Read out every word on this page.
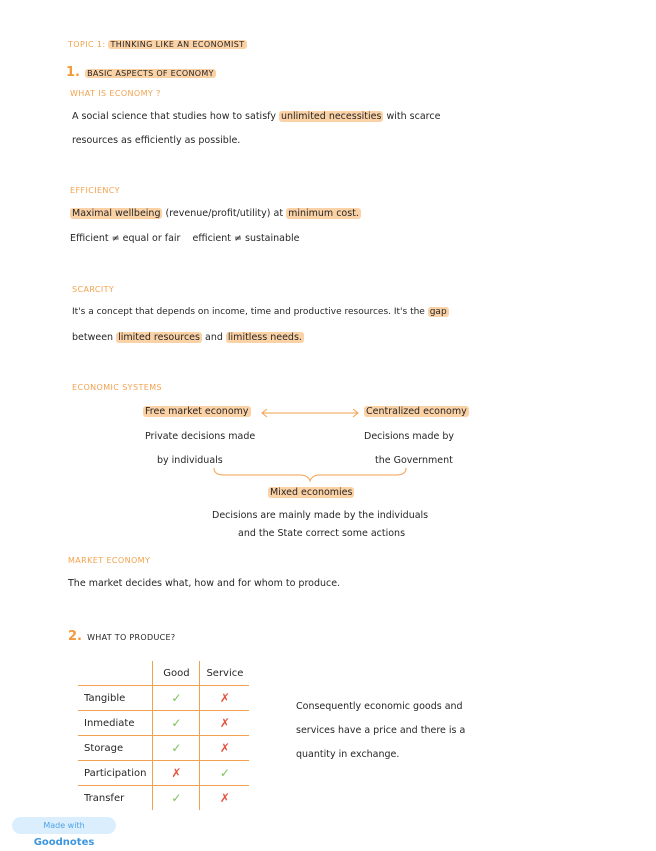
TOPIC 1: THINKING LIKE AN ECONOMIST
1. BASIC ASPECTS OF ECONOMY
WHAT IS ECONOMY ?
A social science that studies how to satisfy unlimited necessities with scarce
resources as efficiently as possible.
EFFICIENCY
Maximal wellbeing (revenue/profit/utility) at minimum cost.
Efficient ≠ equal or fair    efficient ≠ sustainable
SCARCITY
It's a concept that depends on income, time and productive resources. It's the gap
between limited resources and limitless needs.
ECONOMIC SYSTEMS
Free market economy	Centralized economy
Private decisions made
by individuals
Decisions made by
the Government
Mixed economies
Decisions are mainly made by the individuals
and the State correct some actions
MARKET ECONOMY
The market decides what, how and for whom to produce.
2. WHAT TO PRODUCE?
	Good	Service
Tangible	✓	✗
Inmediate	✓	✗
Storage	✓	✗
Participation	✗	✓
Transfer	✓	✗
Consequently economic goods and
services have a price and there is a
quantity in exchange.
Made with Goodnotes
